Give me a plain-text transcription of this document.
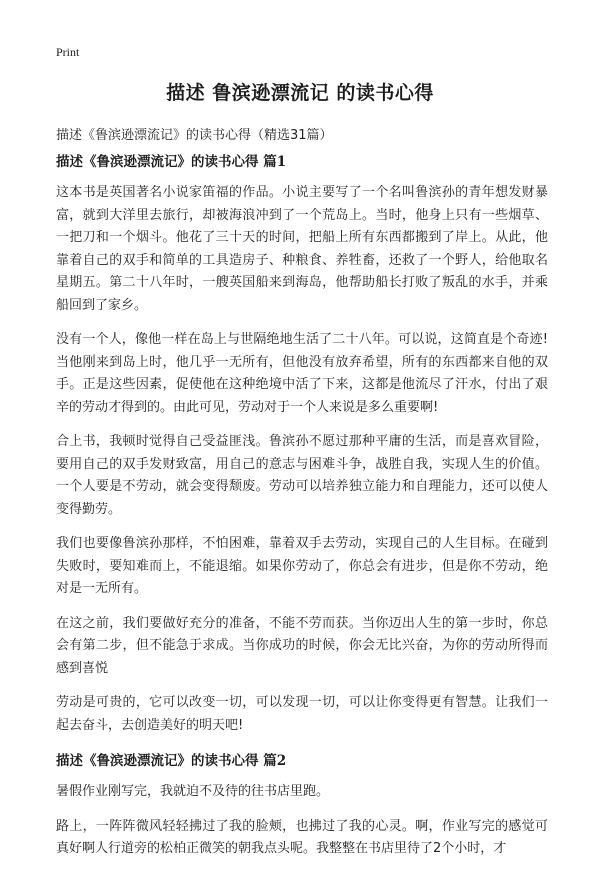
Print
描述 鲁滨逊漂流记 的读书心得
描述《鲁滨逊漂流记》的读书心得（精选31篇）
描述《鲁滨逊漂流记》的读书心得 篇1

这本书是英国著名小说家笛福的作品。小说主要写了一个名叫鲁滨孙的青年想发财暴富，就到大洋里去旅行，却被海浪冲到了一个荒岛上。当时，他身上只有一些烟草、一把刀和一个烟斗。他花了三十天的时间，把船上所有东西都搬到了岸上。从此，他靠着自己的双手和简单的工具造房子、种粮食、养牲畜，还救了一个野人，给他取名星期五。第二十八年时，一艘英国船来到海岛，他帮助船长打败了叛乱的水手，并乘船回到了家乡。

没有一个人，像他一样在岛上与世隔绝地生活了二十八年。可以说，这简直是个奇迹!当他刚来到岛上时，他几乎一无所有，但他没有放弃希望，所有的东西都来自他的双手。正是这些因素，促使他在这种绝境中活了下来，这都是他流尽了汗水，付出了艰辛的劳动才得到的。由此可见，劳动对于一个人来说是多么重要啊!

合上书，我顿时觉得自己受益匪浅。鲁滨孙不愿过那种平庸的生活，而是喜欢冒险，要用自己的双手发财致富，用自己的意志与困难斗争，战胜自我，实现人生的价值。一个人要是不劳动，就会变得颓废。劳动可以培养独立能力和自理能力，还可以使人变得勤劳。

我们也要像鲁滨孙那样，不怕困难，靠着双手去劳动，实现自己的人生目标。在碰到失败时，要知难而上，不能退缩。如果你劳动了，你总会有进步，但是你不劳动，绝对是一无所有。

在这之前，我们要做好充分的准备，不能不劳而获。当你迈出人生的第一步时，你总会有第二步，但不能急于求成。当你成功的时候，你会无比兴奋，为你的劳动所得而感到喜悦

劳动是可贵的，它可以改变一切，可以发现一切，可以让你变得更有智慧。让我们一起去奋斗，去创造美好的明天吧!

描述《鲁滨逊漂流记》的读书心得 篇2

暑假作业刚写完，我就迫不及待的往书店里跑。

路上，一阵阵微风轻轻拂过了我的脸颊，也拂过了我的心灵。啊，作业写完的感觉可真好啊人行道旁的松柏正微笑的朝我点头呢。我整整在书店里待了2个小时，才
